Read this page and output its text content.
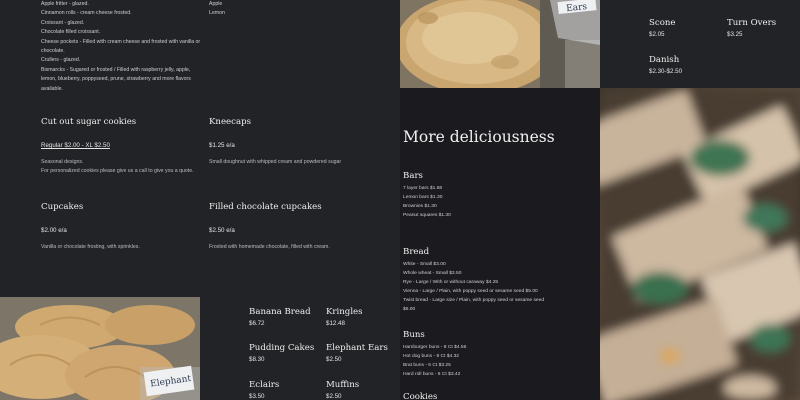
Apple fritter - glazed.
Cinnamon rolls - cream cheese frosted.
Croissant - glazed.
Chocolate filled croissant.
Cheese pockets - Filled with cream cheese and frosted with vanilla or
chocolate.
Crullers - glazed.
Bismarcks - Sugared or frosted / Filled with raspberry jelly, apple,
lemon, blueberry, poppyseed, prune, strawberry and more flavors
available.
Apple
Lemon
Cut out sugar cookies
Regular $2.00 - XL $2.50
Seasonal designs.
For personalized cookies please give us a call to give you a quote.
Kneecaps
$1.25 e/a
Small doughnut with whipped cream and powdered sugar
Cupcakes
$2.00 e/a
Vanilla or chocolate frosting, with sprinkles.
Filled chocolate cupcakes
$2.50 e/a
Frosted with homemade chocolate, filled with cream.
Ears
Scone
$2.05
Turn Overs
$3.25
Danish
$2.30-$2.50
More deliciousness
Bars
7 layer bars $1.68
Lemon bars $1.30
Brownies $1.30
Peanut squares $1.30
Bread
White - Small $3.00
Whole wheat - Small $3.50
Rye - Large / With or without caraway $4.25
Vienna - Large / Plain, with poppy seed or sesame seed $5.00
Twist bread - Large size / Plain, with poppy seed or sesame seed
$6.00
Buns
Hamburger buns - 8 Ct $4.56
Hot dog buns - 8 Ct $4.32
Brat buns - 6 Ct $3.25
Hard roll buns - 6 Ct $3.42
Cookies
Elephant
Banana Bread
$6.72
Kringles
$12.48
Pudding Cakes
$8.30
Elephant Ears
$2.50
Eclairs
$3.50
Muffins
$2.50
